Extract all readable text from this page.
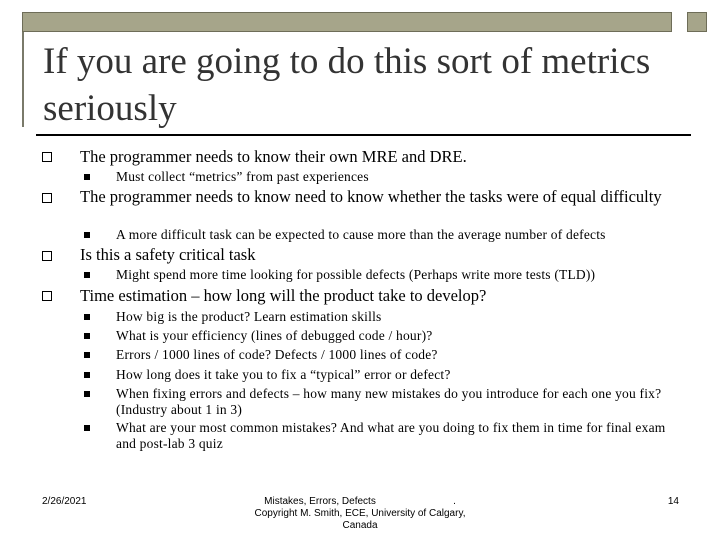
If you are going to do this sort of metrics seriously
The programmer needs to know their own MRE and DRE.
Must collect “metrics” from past experiences
The programmer needs to know need to know whether the tasks were of equal difficulty
A more difficult task can be expected to cause more than the average number of defects
Is this a safety critical task
Might spend more time looking for possible defects (Perhaps write more tests (TLD))
Time estimation – how long will the product take to develop?
How big is the product? Learn estimation skills
What is your efficiency (lines of debugged code / hour)?
Errors / 1000 lines of code? Defects / 1000 lines of code?
How long does it take you to fix a “typical” error or defect?
When fixing errors and defects – how many new mistakes do you introduce for each one you fix? (Industry about 1 in 3)
What are your most common mistakes? And what are you doing to fix them in time for final exam and post-lab 3 quiz
2/26/2021	Mistakes, Errors, Defects	.
Copyright M. Smith, ECE, University of Calgary,
Canada
14
